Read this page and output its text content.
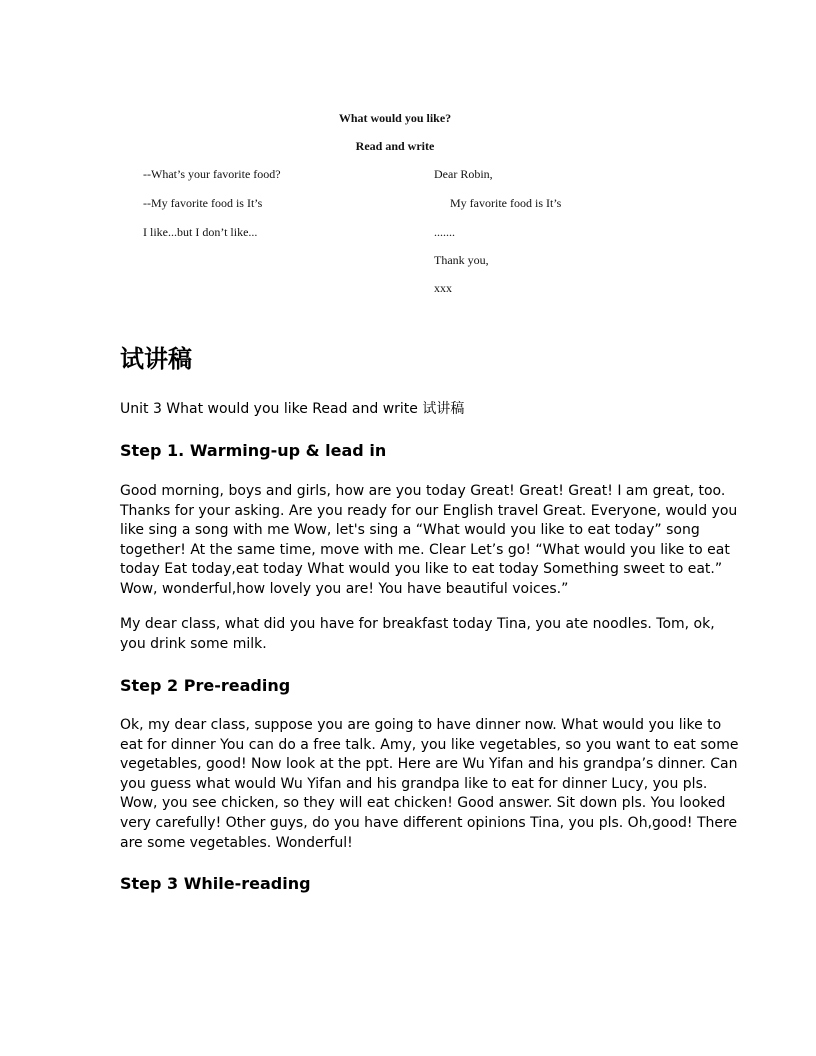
What would you like?
Read and write
--What’s your favorite food?
--My favorite food is It’s
I like...but I don’t like...
Dear Robin,
My favorite food is It’s
.......
Thank you,
xxx
试讲稿

Unit 3 What would you like Read and write 试讲稿

Step 1. Warming-up & lead in

Good morning, boys and girls, how are you today Great! Great! Great! I am great, too.
Thanks for your asking. Are you ready for our English travel Great. Everyone, would you
like sing a song with me Wow, let's sing a “What would you like to eat today” song
together! At the same time, move with me. Clear Let’s go! “What would you like to eat
today Eat today,eat today What would you like to eat today Something sweet to eat.”
Wow, wonderful,how lovely you are! You have beautiful voices.”

My dear class, what did you have for breakfast today Tina, you ate noodles. Tom, ok,
you drink some milk.

Step 2 Pre-reading

Ok, my dear class, suppose you are going to have dinner now. What would you like to
eat for dinner You can do a free talk. Amy, you like vegetables, so you want to eat some
vegetables, good! Now look at the ppt. Here are Wu Yifan and his grandpa’s dinner. Can
you guess what would Wu Yifan and his grandpa like to eat for dinner Lucy, you pls.
Wow, you see chicken, so they will eat chicken! Good answer. Sit down pls. You looked
very carefully! Other guys, do you have different opinions Tina, you pls. Oh,good! There
are some vegetables. Wonderful!

Step 3 While-reading
